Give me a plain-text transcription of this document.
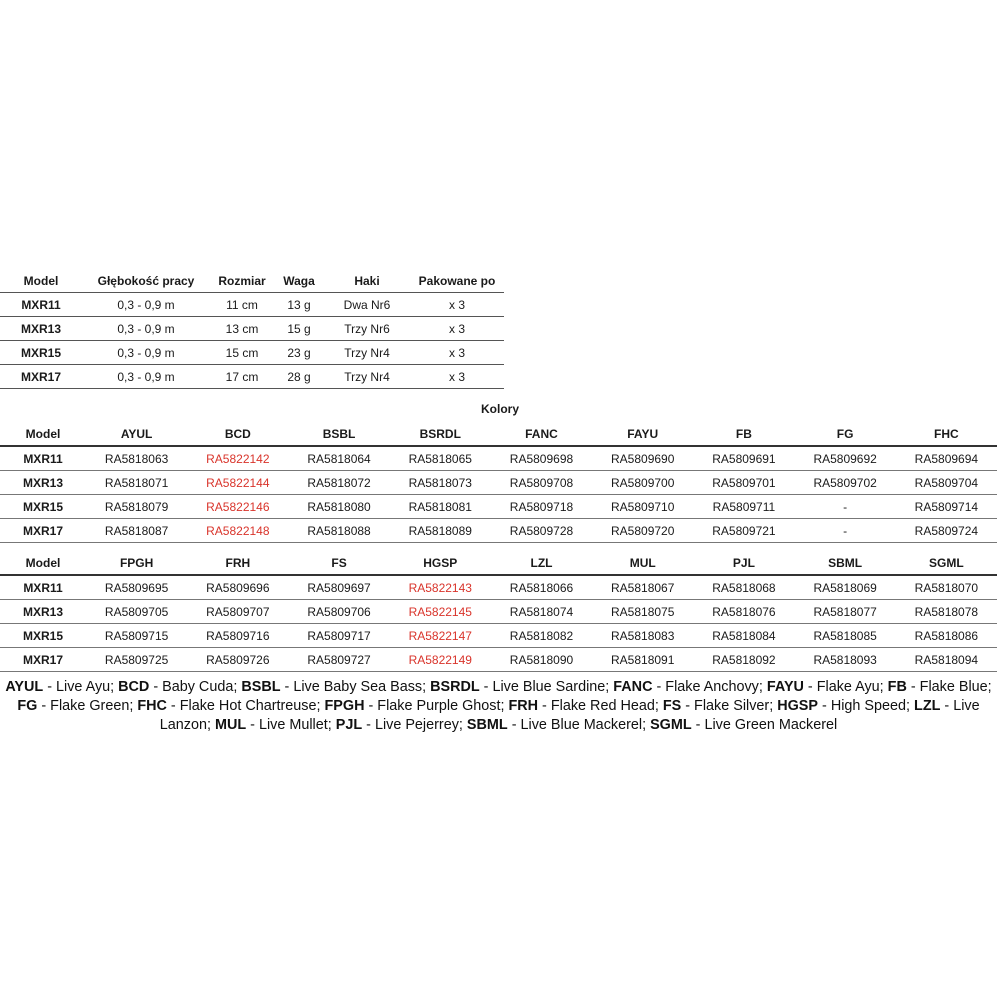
Model	Głębokość pracy	Rozmiar	Waga	Haki	Pakowane po
MXR11	0,3 - 0,9 m	11 cm	13 g	Dwa Nr6	x 3
MXR13	0,3 - 0,9 m	13 cm	15 g	Trzy Nr6	x 3
MXR15	0,3 - 0,9 m	15 cm	23 g	Trzy Nr4	x 3
MXR17	0,3 - 0,9 m	17 cm	28 g	Trzy Nr4	x 3
Kolory
Model	AYUL	BCD	BSBL	BSRDL	FANC	FAYU	FB	FG	FHC
MXR11	RA5818063	RA5822142	RA5818064	RA5818065	RA5809698	RA5809690	RA5809691	RA5809692	RA5809694
MXR13	RA5818071	RA5822144	RA5818072	RA5818073	RA5809708	RA5809700	RA5809701	RA5809702	RA5809704
MXR15	RA5818079	RA5822146	RA5818080	RA5818081	RA5809718	RA5809710	RA5809711	-	RA5809714
MXR17	RA5818087	RA5822148	RA5818088	RA5818089	RA5809728	RA5809720	RA5809721	-	RA5809724
Model	FPGH	FRH	FS	HGSP	LZL	MUL	PJL	SBML	SGML
MXR11	RA5809695	RA5809696	RA5809697	RA5822143	RA5818066	RA5818067	RA5818068	RA5818069	RA5818070
MXR13	RA5809705	RA5809707	RA5809706	RA5822145	RA5818074	RA5818075	RA5818076	RA5818077	RA5818078
MXR15	RA5809715	RA5809716	RA5809717	RA5822147	RA5818082	RA5818083	RA5818084	RA5818085	RA5818086
MXR17	RA5809725	RA5809726	RA5809727	RA5822149	RA5818090	RA5818091	RA5818092	RA5818093	RA5818094
AYUL - Live Ayu; BCD - Baby Cuda; BSBL - Live Baby Sea Bass; BSRDL - Live Blue Sardine; FANC - Flake Anchovy; FAYU - Flake Ayu; FB - Flake Blue; FG - Flake Green; FHC - Flake Hot Chartreuse; FPGH - Flake Purple Ghost; FRH - Flake Red Head; FS - Flake Silver; HGSP - High Speed; LZL - Live Lanzon; MUL - Live Mullet; PJL - Live Pejerrey; SBML - Live Blue Mackerel; SGML - Live Green Mackerel
